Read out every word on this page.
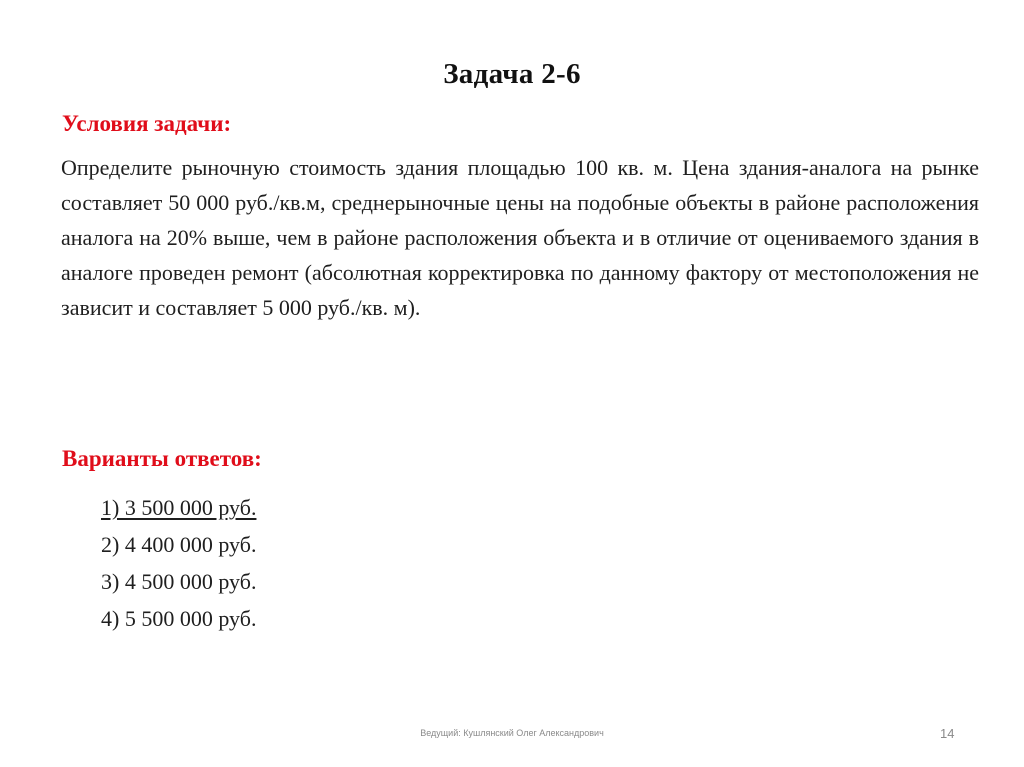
Задача 2-6
Условия задачи:
Определите рыночную стоимость здания площадью 100 кв. м. Цена здания-аналога на рынке составляет 50 000 руб./кв.м, среднерыночные цены на подобные объекты в районе расположения аналога на 20% выше, чем в районе расположения объекта и в отличие от оцениваемого здания в аналоге проведен ремонт (абсолютная корректировка по данному фактору от местоположения не зависит и составляет 5 000 руб./кв. м).
Варианты ответов:
1) 3 500 000 руб.
2) 4 400 000 руб.
3) 4 500 000 руб.
4) 5 500 000 руб.
Ведущий: Кушлянский Олег Александрович	14
